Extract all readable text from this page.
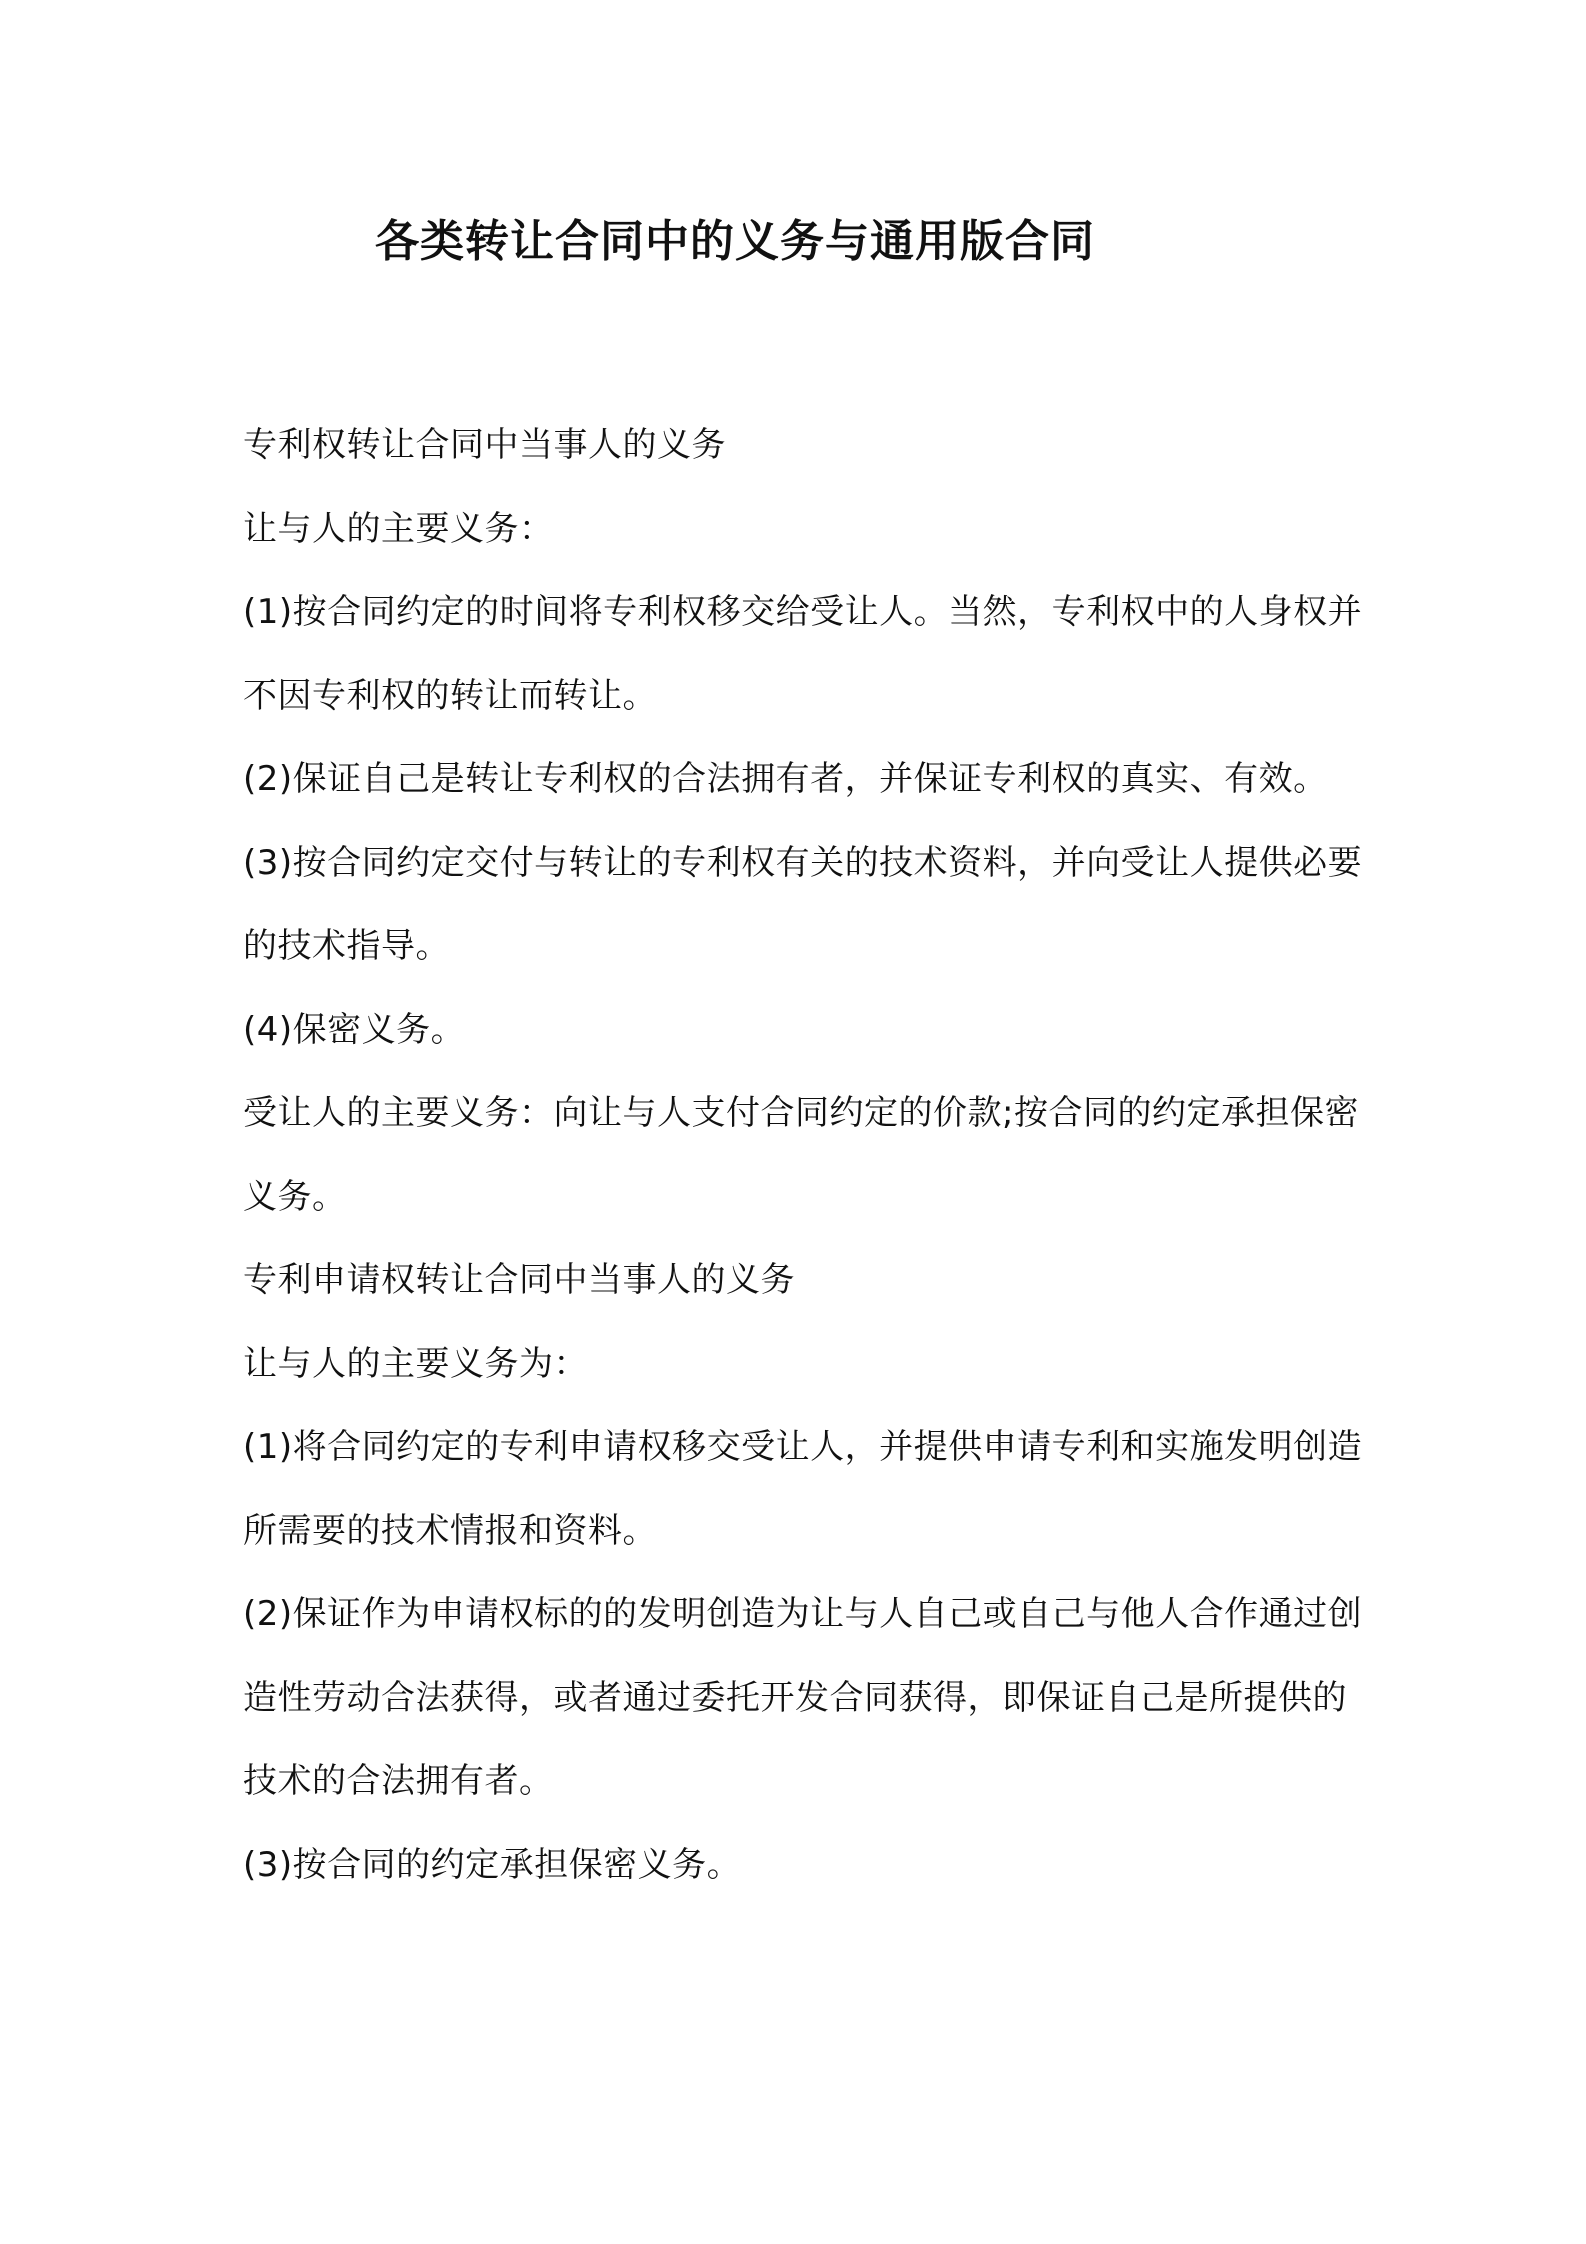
各类转让合同中的义务与通用版合同

专利权转让合同中当事人的义务

让与人的主要义务：

(1)按合同约定的时间将专利权移交给受让人。当然，专利权中的人身权并不因专利权的转让而转让。

(2)保证自己是转让专利权的合法拥有者，并保证专利权的真实、有效。

(3)按合同约定交付与转让的专利权有关的技术资料，并向受让人提供必要的技术指导。

(4)保密义务。

受让人的主要义务：向让与人支付合同约定的价款;按合同的约定承担保密义务。

专利申请权转让合同中当事人的义务

让与人的主要义务为：

(1)将合同约定的专利申请权移交受让人，并提供申请专利和实施发明创造所需要的技术情报和资料。

(2)保证作为申请权标的的发明创造为让与人自己或自己与他人合作通过创造性劳动合法获得，或者通过委托开发合同获得，即保证自己是所提供的技术的合法拥有者。

(3)按合同的约定承担保密义务。
